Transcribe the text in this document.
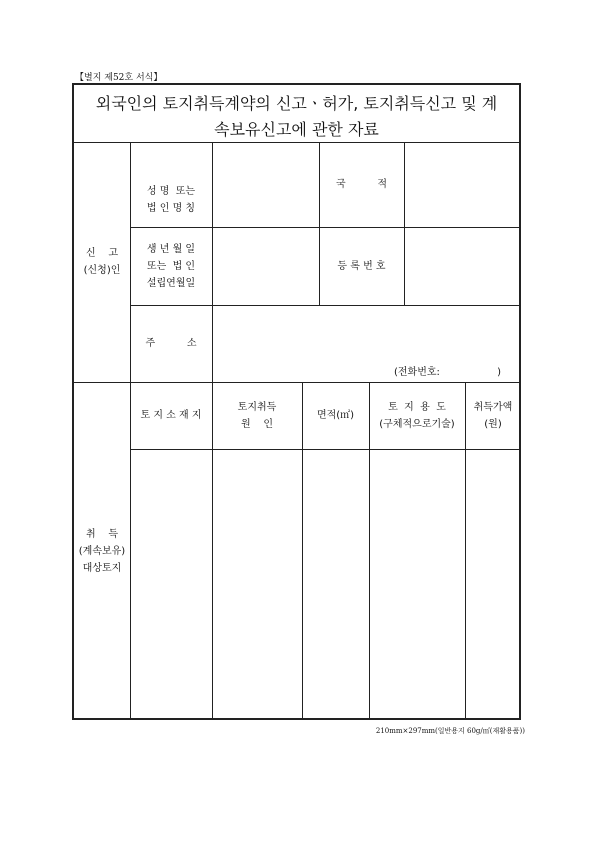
【별지 제52호 서식】
외국인의 토지취득계약의 신고ㆍ허가, 토지취득신고 및 계
속보유신고에 관한 자료
신    고
(신청)인
성 명  또는
법 인 명 칭
국          적
생 년 월 일
또는  법 인
설립연월일
등 록 번 호
주          소
(전화번호:                  )
취    득
(계속보유)
대상토지
토 지 소 재 지
토지취득
원    인
면적(㎡)
토  지  용  도
(구체적으로기술)
취득가액
(원)
210mm×297mm(일반용지 60g/㎡(재활용품))
